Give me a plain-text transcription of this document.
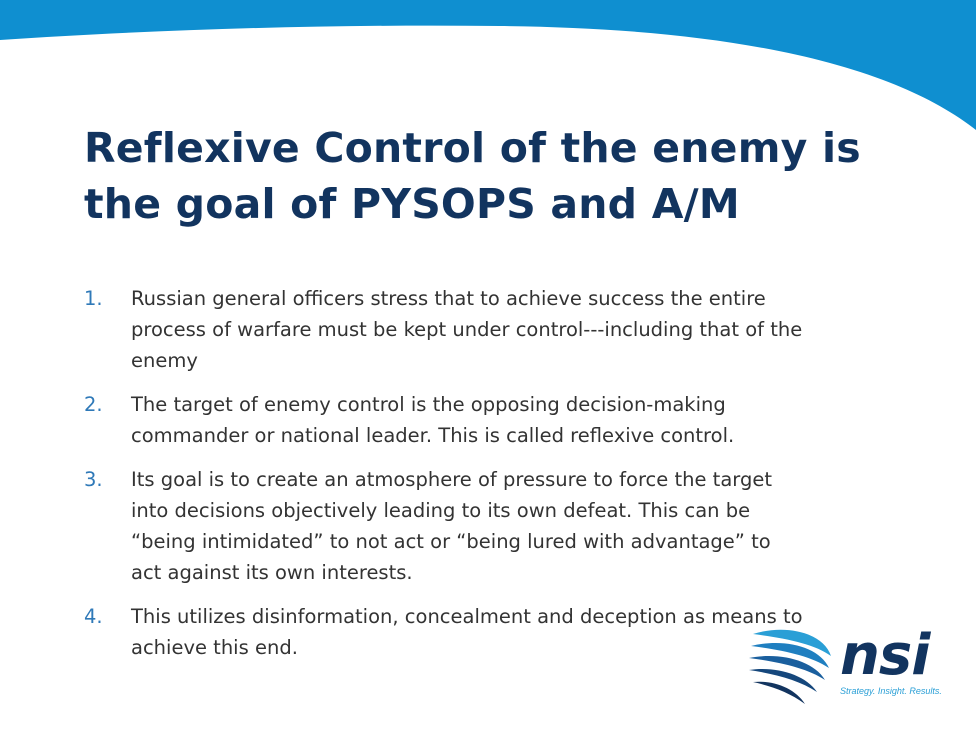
Reflexive Control of the enemy is the goal of PYSOPS and A/M
1.	Russian general officers stress that to achieve success the entire process of warfare must be kept under control---including that of the enemy
2.	The target of enemy control is the opposing decision-making commander or national leader. This is called reflexive control.
3.	Its goal is to create an atmosphere of pressure to force the target into decisions objectively leading to its own defeat. This can be “being intimidated” to not act or “being lured with advantage” to act against its own interests.
4.	This utilizes disinformation, concealment and deception as means to achieve this end.	nsi
Strategy. Insight. Results.
